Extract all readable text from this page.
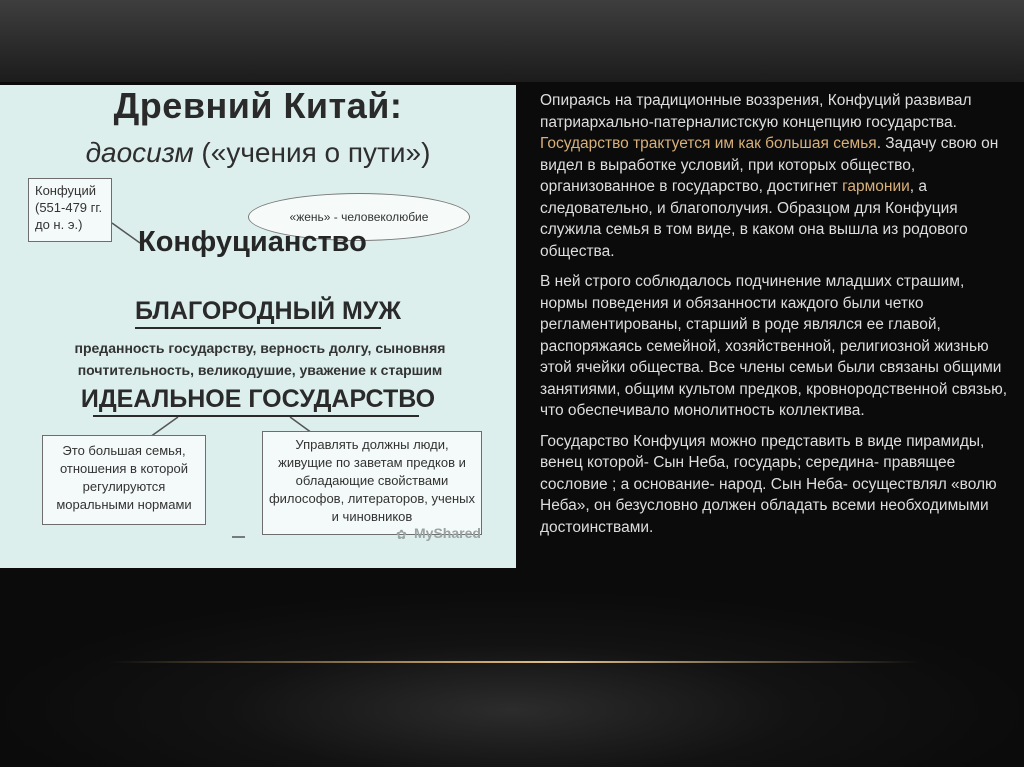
Древний Китай:
даосизм («учения о пути»)
Конфуций
(551-479 гг.
до н. э.)	«жень» - человеколюбие
Конфуцианство
БЛАГОРОДНЫЙ МУЖ
преданность государству, верность долгу, сыновняя
почтительность, великодушие, уважение к старшим
ИДЕАЛЬНОЕ ГОСУДАРСТВО
Это большая семья,
отношения в которой
регулируются
моральными нормами
Управлять должны люди,
живущие по заветам предков и
обладающие свойствами
философов, литераторов, ученых
и чиновников
✿ MyShared

Опираясь на традиционные воззрения, Конфуций развивал патриархально-патерналистскую концепцию государства. Государство трактуется им как большая семья. Задачу свою он видел в выработке условий, при которых общество, организованное в государство, достигнет гармонии, а следовательно, и благополучия. Образцом для Конфуция служила семья в том виде, в каком она вышла из родового общества.

В ней строго соблюдалось подчинение младших страшим, нормы поведения и обязанности каждого были четко регламентированы, старший в роде являлся ее главой, распоряжаясь семейной, хозяйственной, религиозной жизнью этой ячейки общества. Все члены семьи были связаны общими занятиями, общим культом предков, кровнородственной связью, что обеспечивало монолитность коллектива.

Государство Конфуция можно представить в виде пирамиды, венец которой- Сын Неба, государь; середина- правящее сословие ; а основание- народ. Сын Неба- осуществлял «волю Неба», он безусловно должен обладать всеми необходимыми достоинствами.
